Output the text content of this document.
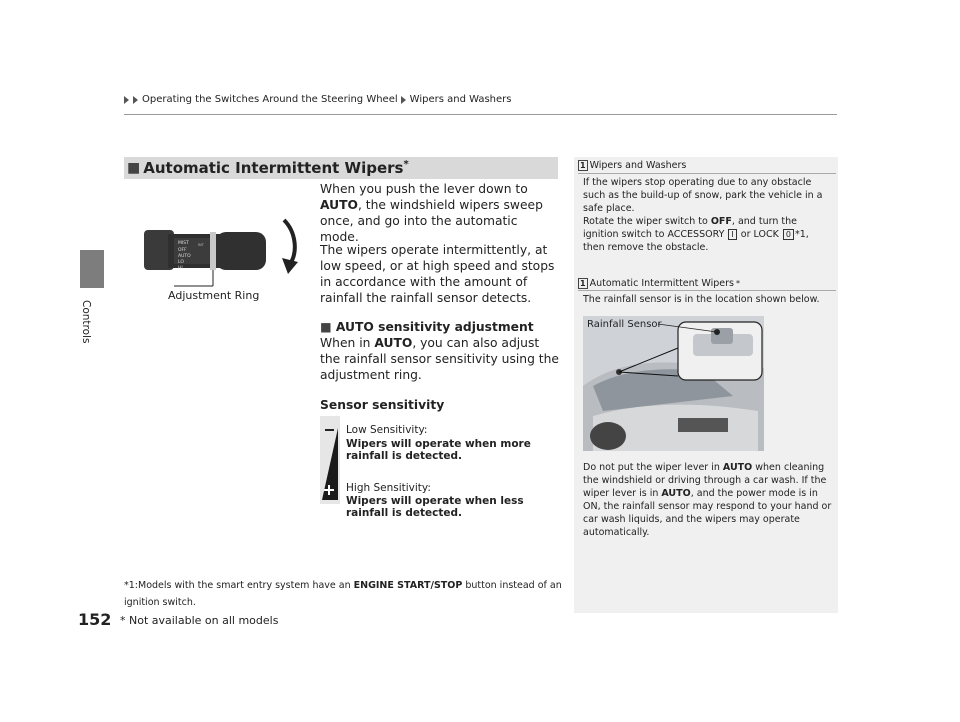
Operating the Switches Around the Steering Wheel Wipers and Washers
Controls
152 * Not available on all models
■ Automatic Intermittent Wipers*
MIST
OFF
AUTO
LO
HI
INT
Adjustment Ring
When you push the lever down to AUTO, the windshield wipers sweep once, and go into the automatic mode.
The wipers operate intermittently, at low speed, or at high speed and stops in accordance with the amount of rainfall the rainfall sensor detects.
■ AUTO sensitivity adjustment
When in AUTO, you can also adjust the rainfall sensor sensitivity using the adjustment ring.
Sensor sensitivity
Low Sensitivity:
Wipers will operate when more rainfall is detected.
High Sensitivity:
Wipers will operate when less rainfall is detected.
*1:Models with the smart entry system have an ENGINE START/STOP button instead of an ignition switch.
1 Wipers and Washers
If the wipers stop operating due to any obstacle such as the build-up of snow, park the vehicle in a safe place.
Rotate the wiper switch to OFF, and turn the ignition switch to ACCESSORY I or LOCK 0 *1, then remove the obstacle.
1 Automatic Intermittent Wipers *
The rainfall sensor is in the location shown below.
Rainfall Sensor
Do not put the wiper lever in AUTO when cleaning the windshield or driving through a car wash. If the wiper lever is in AUTO, and the power mode is in ON, the rainfall sensor may respond to your hand or car wash liquids, and the wipers may operate automatically.
